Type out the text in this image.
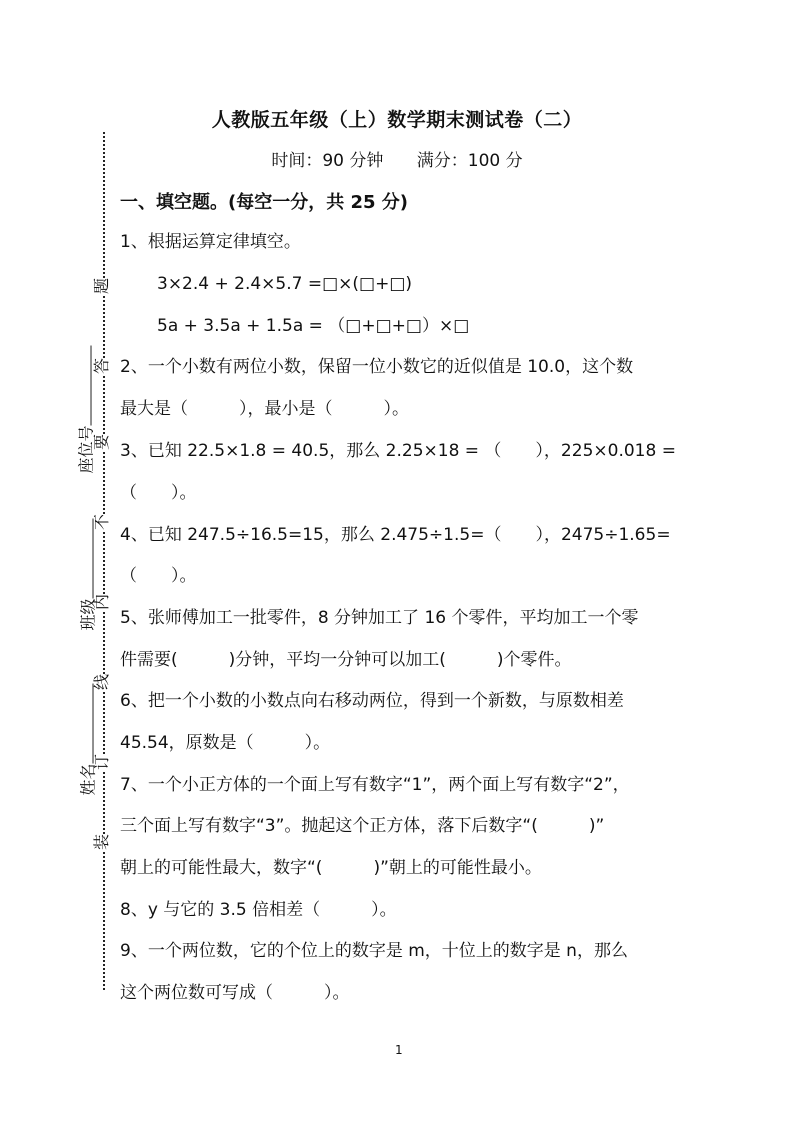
题
答
要
不
内
线
订
装
座位号
班级
姓名
人教版五年级（上）数学期末测试卷（二）
时间：90 分钟 满分：100 分
一、填空题。(每空一分，共 25 分)
1、根据运算定律填空。
3×2.4 + 2.4×5.7 =□×(□+□)
5a + 3.5a + 1.5a = （□+□+□）×□
2、一个小数有两位小数，保留一位小数它的近似值是 10.0，这个数
最大是（　　　），最小是（　　　）。
3、已知 22.5×1.8 = 40.5，那么 2.25×18 = （　　），225×0.018 =
（　　）。
4、已知 247.5÷16.5=15，那么 2.475÷1.5=（　　），2475÷1.65=
（　　）。
5、张师傅加工一批零件，8 分钟加工了 16 个零件，平均加工一个零
件需要(　　　)分钟，平均一分钟可以加工(　　　)个零件。
6、把一个小数的小数点向右移动两位，得到一个新数，与原数相差
45.54，原数是（　　　）。
7、一个小正方体的一个面上写有数字“1”，两个面上写有数字“2”，
三个面上写有数字“3”。抛起这个正方体，落下后数字“(　　　)”
朝上的可能性最大，数字“(　　　)”朝上的可能性最小。
8、y 与它的 3.5 倍相差（　　　）。
9、一个两位数，它的个位上的数字是 m，十位上的数字是 n，那么
这个两位数可写成（　　　）。
1
